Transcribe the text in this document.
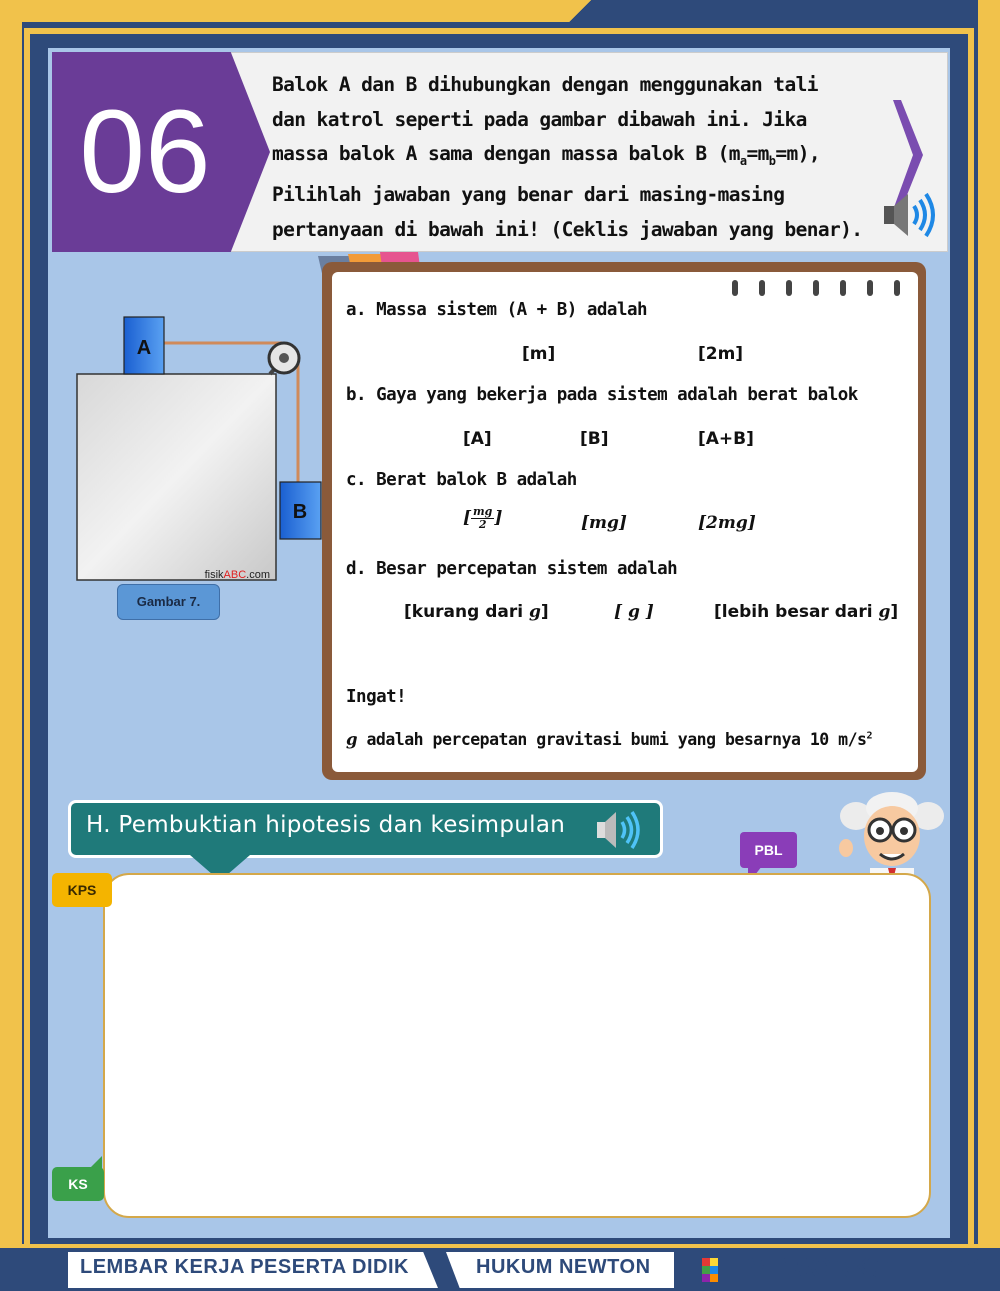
06
Balok A dan B dihubungkan dengan menggunakan tali
dan katrol seperti pada gambar dibawah ini. Jika
massa balok A sama dengan massa balok B $(m_a=m_b=m)$,
Pilihlah jawaban yang benar dari masing-masing
pertanyaan di bawah ini! (Ceklis jawaban yang benar).
a. Massa sistem (A + B) adalah
[m]	[2m]
b. Gaya yang bekerja pada sistem adalah berat balok
[A]	[B]	[A+B]
c. Berat balok B adalah
[ $\frac{mg}{2}$ ]	[mg]	[2mg]
d. Besar percepatan sistem adalah
[kurang dari g]	[ g ]	[lebih besar dari g]
Ingat!
g adalah percepatan gravitasi bumi yang besarnya 10 $m/s^2$
A
B
fisikABC.com
Gambar 7.
H. Pembuktian hipotesis dan kesimpulan
PBL
KPS
KS
LEMBAR KERJA PESERTA DIDIK	HUKUM NEWTON	LIVEWORKSHEETS
